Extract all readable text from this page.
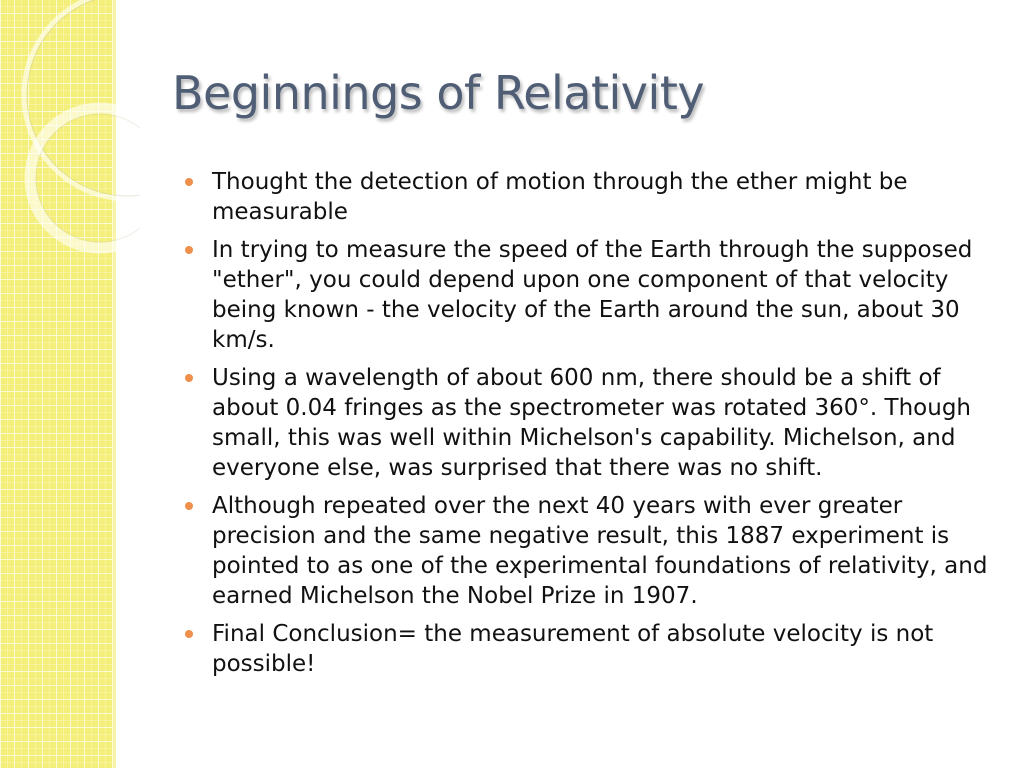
Beginnings of Relativity
Thought the detection of motion through the ether might be measurable
In trying to measure the speed of the Earth through the supposed "ether", you could depend upon one component of that velocity being known - the velocity of the Earth around the sun, about 30 km/s.
Using a wavelength of about 600 nm, there should be a shift of about 0.04 fringes as the spectrometer was rotated 360°. Though small, this was well within Michelson's capability. Michelson, and everyone else, was surprised that there was no shift.
Although repeated over the next 40 years with ever greater precision and the same negative result, this 1887 experiment is pointed to as one of the experimental foundations of relativity, and earned Michelson the Nobel Prize in 1907.
Final Conclusion= the measurement of absolute velocity is not possible!
